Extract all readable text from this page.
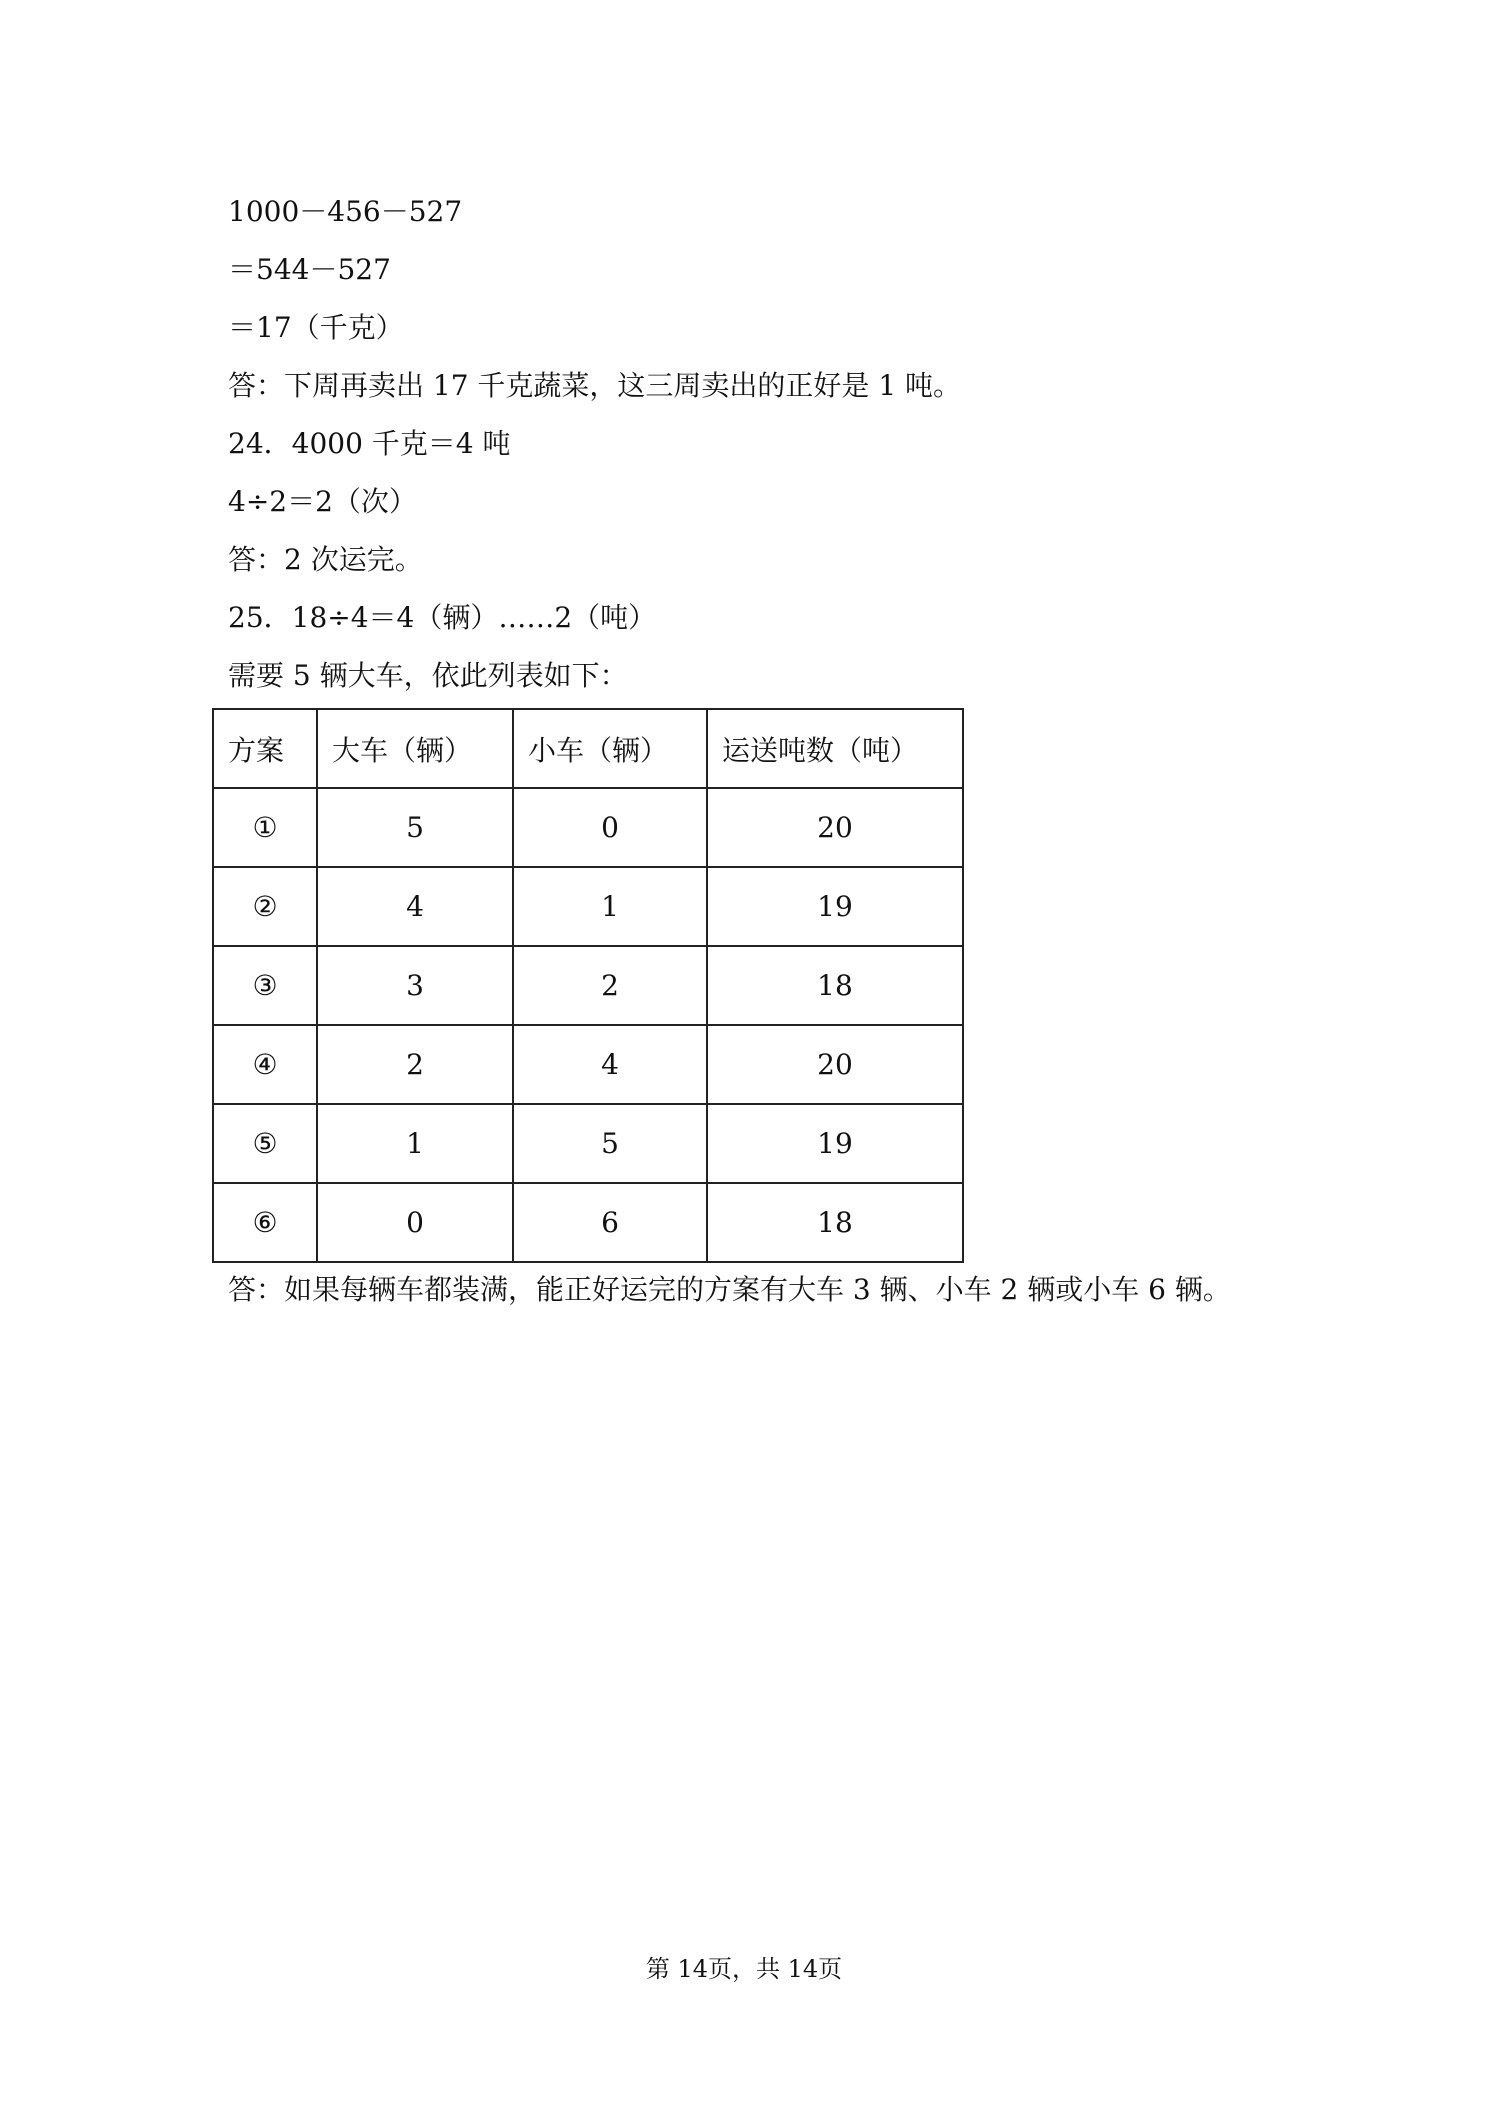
1000－456－527
＝544－527
＝17（千克）
答：下周再卖出 17 千克蔬菜，这三周卖出的正好是 1 吨。
24．4000 千克＝4 吨
4÷2＝2（次）
答：2 次运完。
25．18÷4＝4（辆）……2（吨）
需要 5 辆大车，依此列表如下：
方案	大车（辆）	小车（辆）	运送吨数（吨）
①	5	0	20
②	4	1	19
③	3	2	18
④	2	4	20
⑤	1	5	19
⑥	0	6	18
答：如果每辆车都装满，能正好运完的方案有大车 3 辆、小车 2 辆或小车 6 辆。
第 14页，共 14页
